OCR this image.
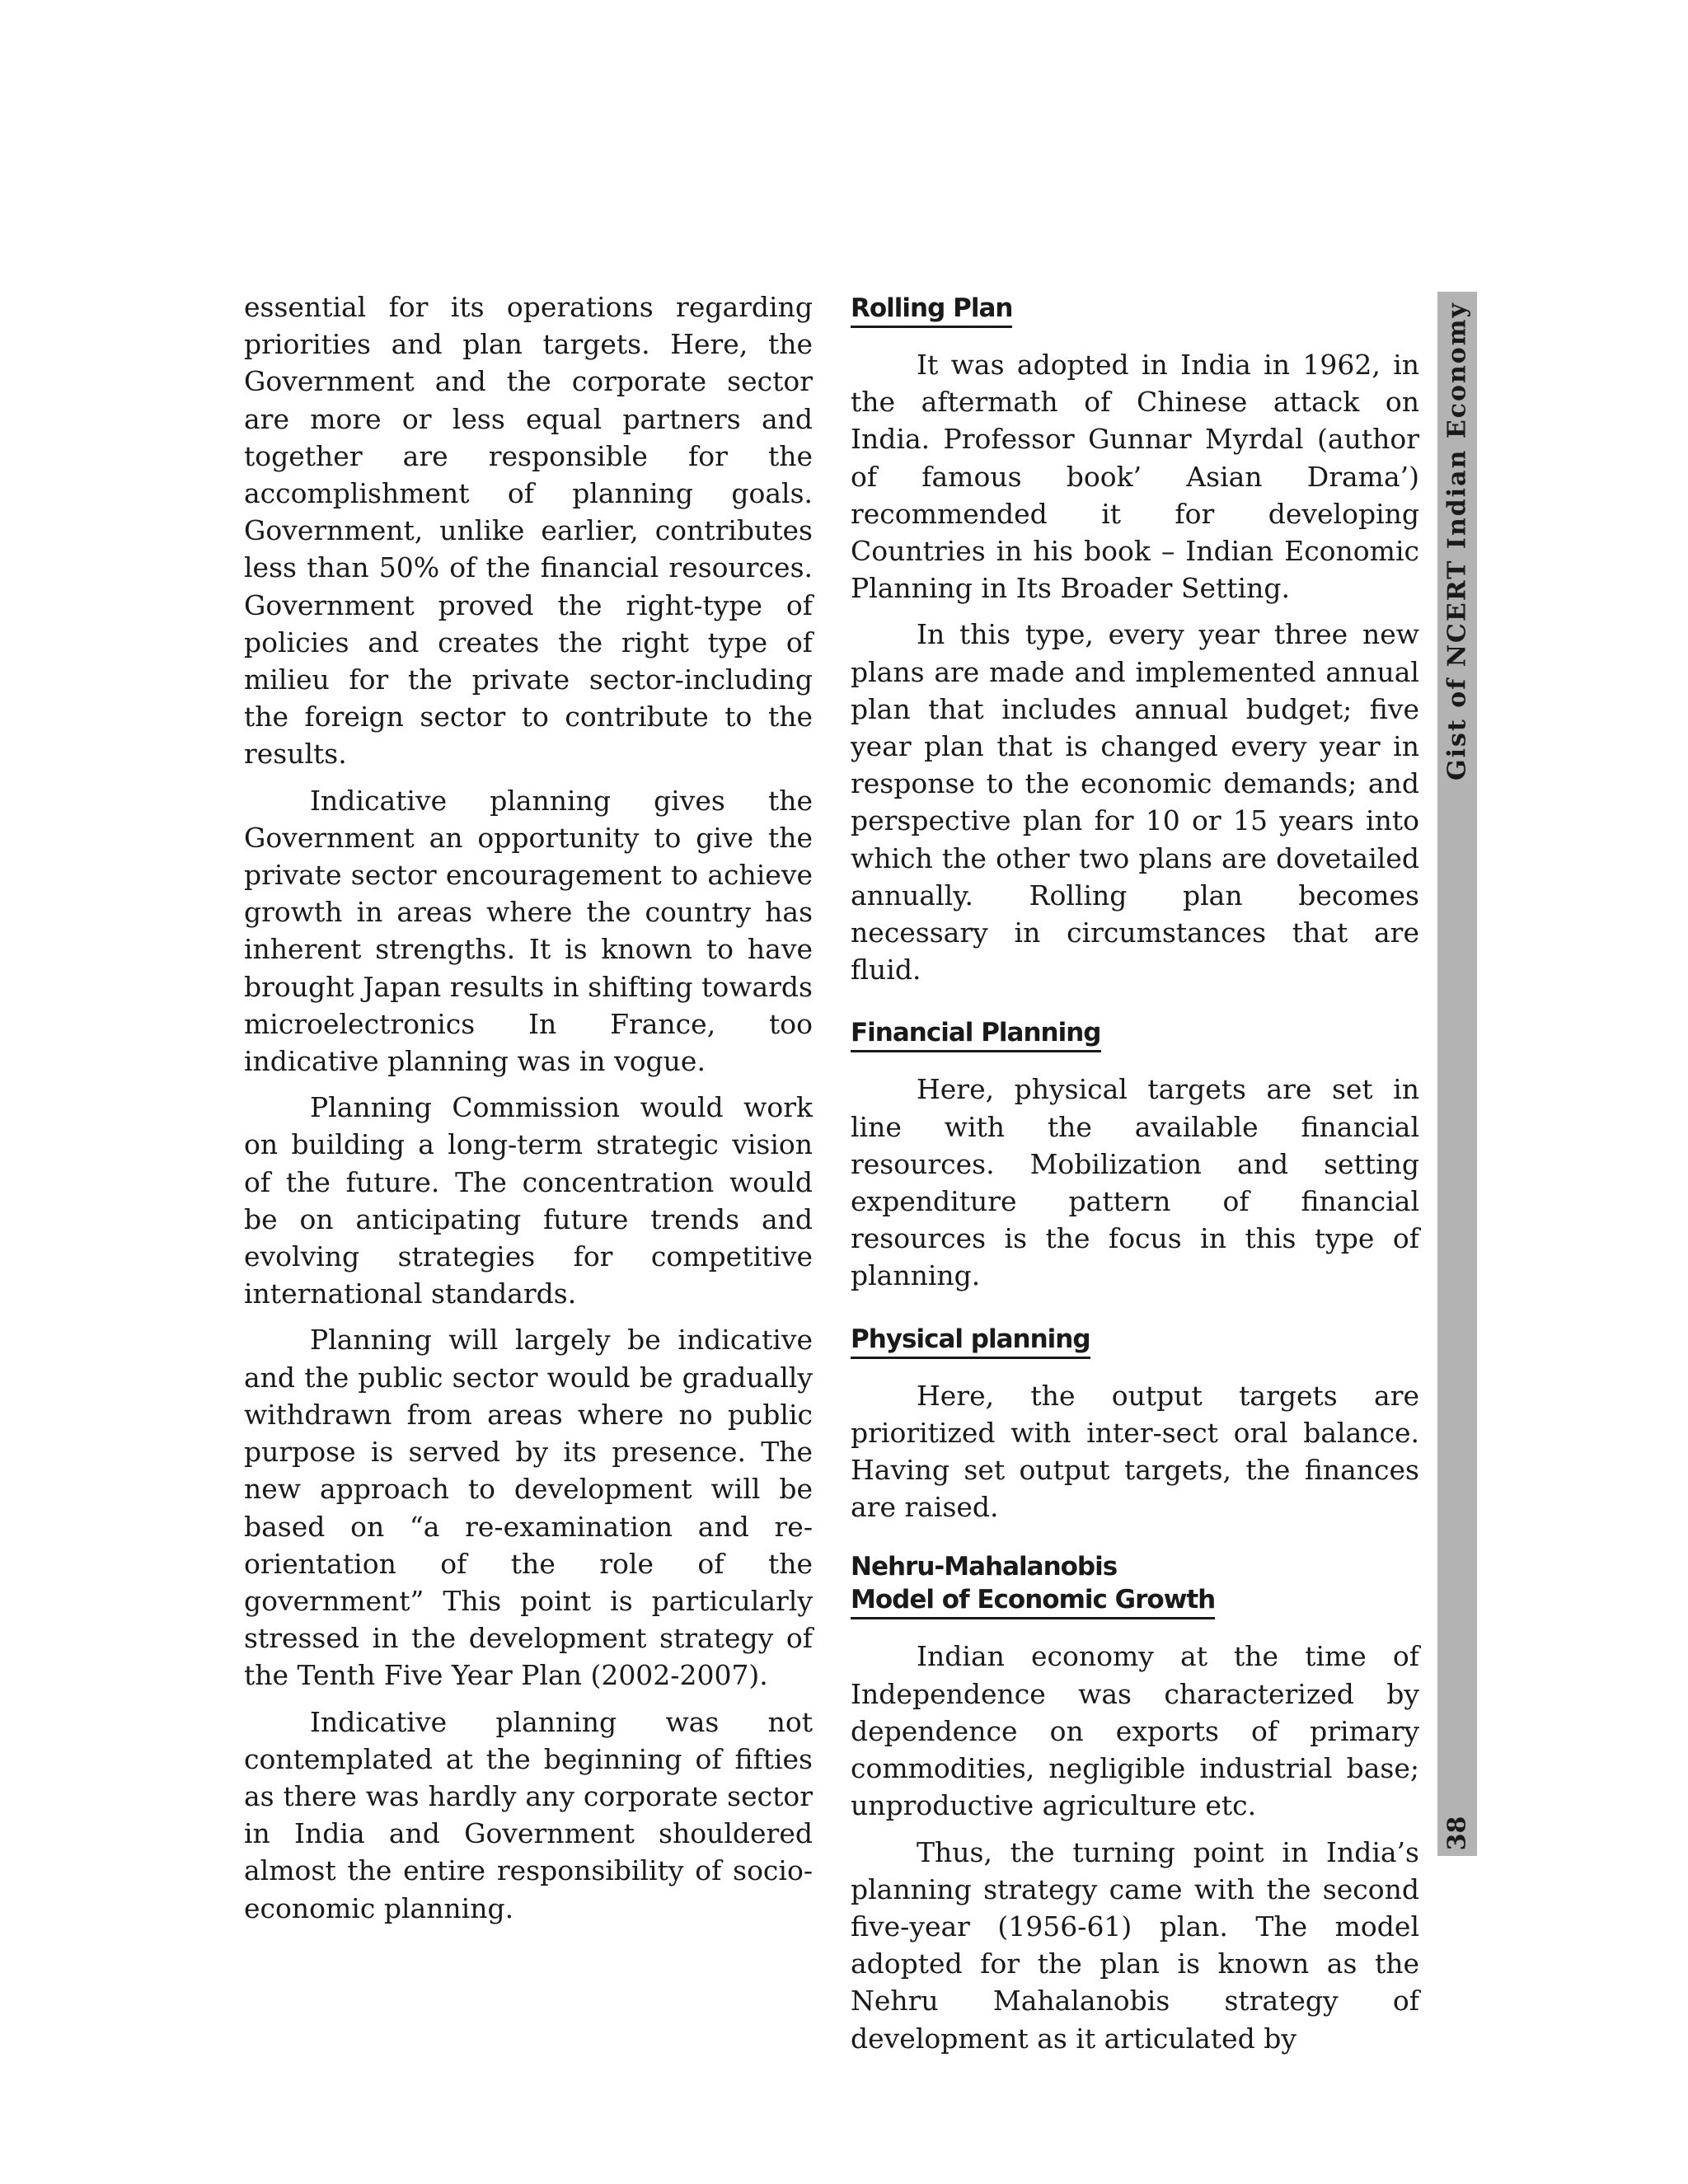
essential for its operations regarding priorities and plan targets. Here, the Government and the corporate sector are more or less equal partners and together are responsible for the accomplishment of planning goals. Government, unlike earlier, contributes less than 50% of the financial resources. Government proved the right-type of policies and creates the right type of milieu for the private sector-including the foreign sector to contribute to the results.

Indicative planning gives the Government an opportunity to give the private sector encouragement to achieve growth in areas where the country has inherent strengths. It is known to have brought Japan results in shifting towards microelectronics In France, too indicative planning was in vogue.

Planning Commission would work on building a long-term strategic vision of the future. The concentration would be on anticipating future trends and evolving strategies for competitive international standards.

Planning will largely be indicative and the public sector would be gradually withdrawn from areas where no public purpose is served by its presence. The new approach to development will be based on “a re-examination and re-orientation of the role of the government” This point is particularly stressed in the development strategy of the Tenth Five Year Plan (2002-2007).

Indicative planning was not contemplated at the beginning of fifties as there was hardly any corporate sector in India and Government shouldered almost the entire responsibility of socio-economic planning.

Rolling Plan

It was adopted in India in 1962, in the aftermath of Chinese attack on India. Professor Gunnar Myrdal (author of famous book’ Asian Drama’) recommended it for developing Countries in his book – Indian Economic Planning in Its Broader Setting.

In this type, every year three new plans are made and implemented annual plan that includes annual budget; five year plan that is changed every year in response to the economic demands; and perspective plan for 10 or 15 years into which the other two plans are dovetailed annually. Rolling plan becomes necessary in circumstances that are fluid.

Financial Planning

Here, physical targets are set in line with the available financial resources. Mobilization and setting expenditure pattern of financial resources is the focus in this type of planning.

Physical planning

Here, the output targets are prioritized with inter-sect oral balance. Having set output targets, the finances are raised.

Nehru-Mahalanobis
Model of Economic Growth

Indian economy at the time of Independence was characterized by dependence on exports of primary commodities, negligible industrial base; unproductive agriculture etc.

Thus, the turning point in India’s planning strategy came with the second five-year (1956-61) plan. The model adopted for the plan is known as the Nehru Mahalanobis strategy of development as it articulated by

Gist of NCERT Indian Economy
38
